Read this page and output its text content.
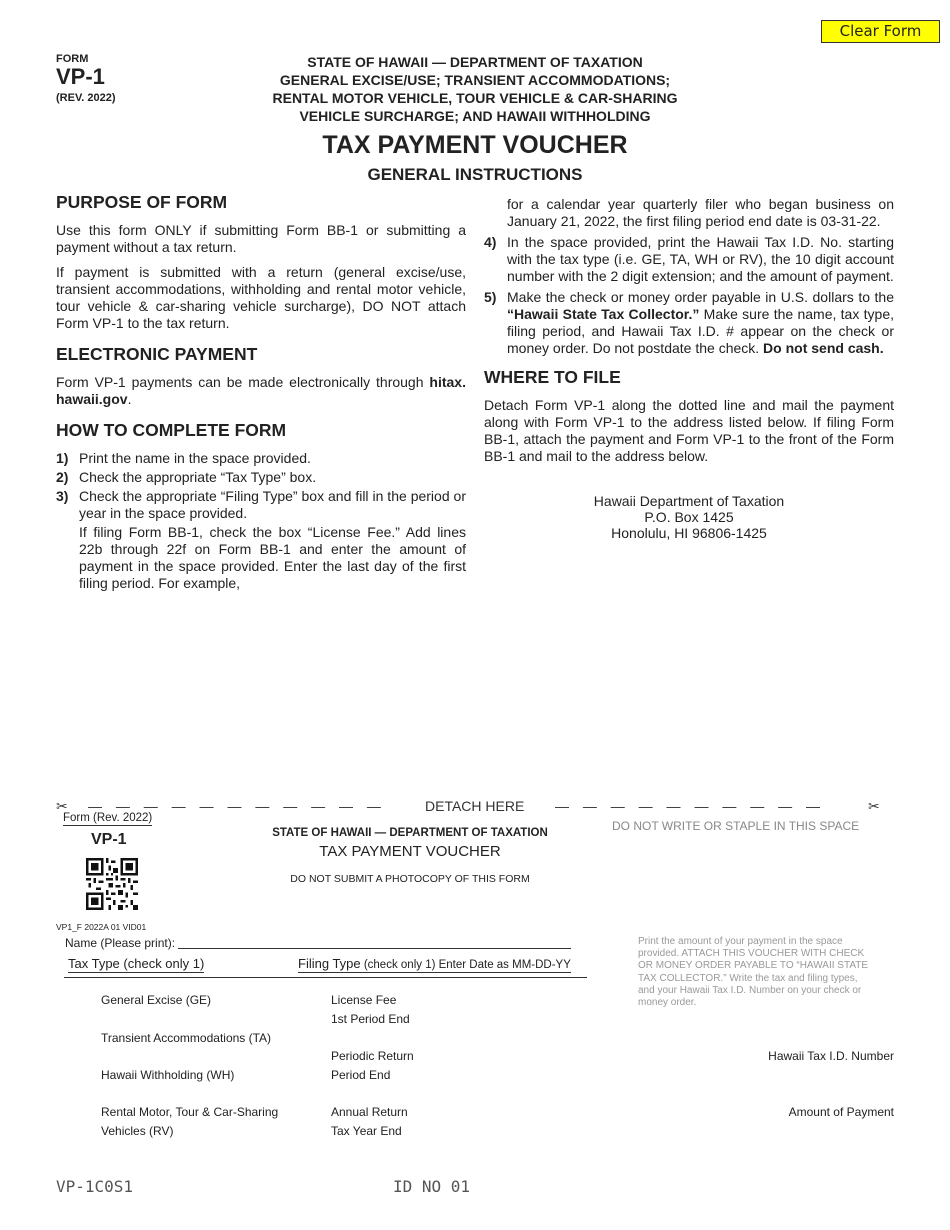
Clear Form
FORM
VP-1
(REV. 2022)
STATE OF HAWAII — DEPARTMENT OF TAXATION
GENERAL EXCISE/USE; TRANSIENT ACCOMMODATIONS;
RENTAL MOTOR VEHICLE, TOUR VEHICLE & CAR-SHARING
VEHICLE SURCHARGE; AND HAWAII WITHHOLDING
TAX PAYMENT VOUCHER
GENERAL INSTRUCTIONS
PURPOSE OF FORM

Use this form ONLY if submitting Form BB-1 or submitting a payment without a tax return.

If payment is submitted with a return (general excise/use, transient accommodations, withholding and rental motor vehicle, tour vehicle & car-sharing vehicle surcharge), DO NOT attach Form VP-1 to the tax return.

ELECTRONIC PAYMENT

Form VP-1 payments can be made electronically through hitax. hawaii.gov.

HOW TO COMPLETE FORM
1) Print the name in the space provided.
2) Check the appropriate “Tax Type” box.
3) Check the appropriate “Filing Type” box and fill in the period or year in the space provided.
If filing Form BB-1, check the box “License Fee.” Add lines 22b through 22f on Form BB-1 and enter the amount of payment in the space provided. Enter the last day of the first filing period. For example,
for a calendar year quarterly filer who began business on January 21, 2022, the first filing period end date is 03-31-22.
4) In the space provided, print the Hawaii Tax I.D. No. starting with the tax type (i.e. GE, TA, WH or RV), the 10 digit account number with the 2 digit extension; and the amount of payment.
5) Make the check or money order payable in U.S. dollars to the “Hawaii State Tax Collector.” Make sure the name, tax type, filing period, and Hawaii Tax I.D. # appear on the check or money order. Do not postdate the check. Do not send cash.
WHERE TO FILE

Detach Form VP-1 along the dotted line and mail the payment along with Form VP-1 to the address listed below. If filing Form BB-1, attach the payment and Form VP-1 to the front of the Form BB-1 and mail to the address below.

Hawaii Department of Taxation
P.O. Box 1425
Honolulu, HI 96806-1425
✂ — — — — — — — — — — —	DETACH HERE — — — — — — — — — —	✂
Form (Rev. 2022)
VP-1
VP1_F 2022A 01 VID01
STATE OF HAWAII — DEPARTMENT OF TAXATION
TAX PAYMENT VOUCHER
DO NOT SUBMIT A PHOTOCOPY OF THIS FORM
DO NOT WRITE OR STAPLE IN THIS SPACE
Name (Please print):
Tax Type (check only 1)	Filing Type (check only 1) Enter Date as MM-DD-YY
General Excise (GE)
Transient Accommodations (TA)
Hawaii Withholding (WH)
Rental Motor, Tour & Car-Sharing
Vehicles (RV)
License Fee
1st Period End
Periodic Return
Period End
Annual Return
Tax Year End
Print the amount of your payment in the space provided. ATTACH THIS VOUCHER WITH CHECK OR MONEY ORDER PAYABLE TO “HAWAII STATE TAX COLLECTOR.” Write the tax and filing types, and your Hawaii Tax I.D. Number on your check or money order.
Hawaii Tax I.D. Number
Amount of Payment
VP-1C0S1	ID NO 01
